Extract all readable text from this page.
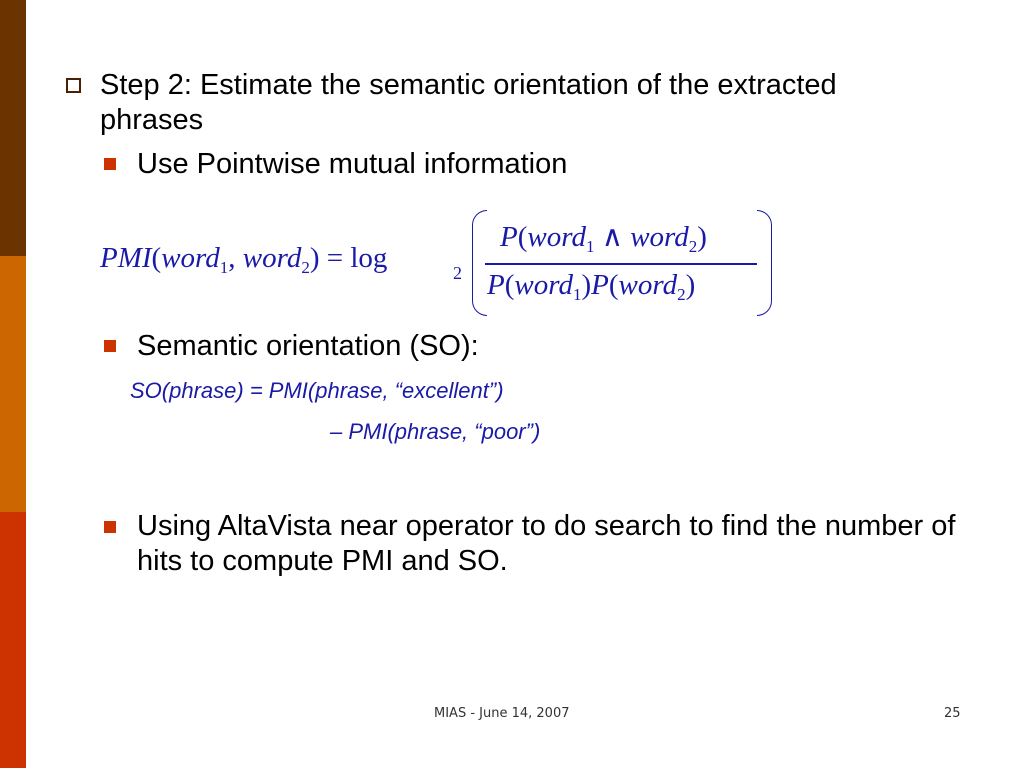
Step 2: Estimate the semantic orientation of the extracted phrases
Use Pointwise mutual information
PMI(word$_1$, word$_2$) = log	2
P(word$_1$ ∧ word$_2$)
P(word$_1$)P(word$_2$)
Semantic orientation (SO):
SO(phrase) = PMI(phrase, “excellent”)
– PMI(phrase, “poor”)
Using AltaVista near operator to do search to find the number of hits to compute PMI and SO.
MIAS - June 14, 2007	25
